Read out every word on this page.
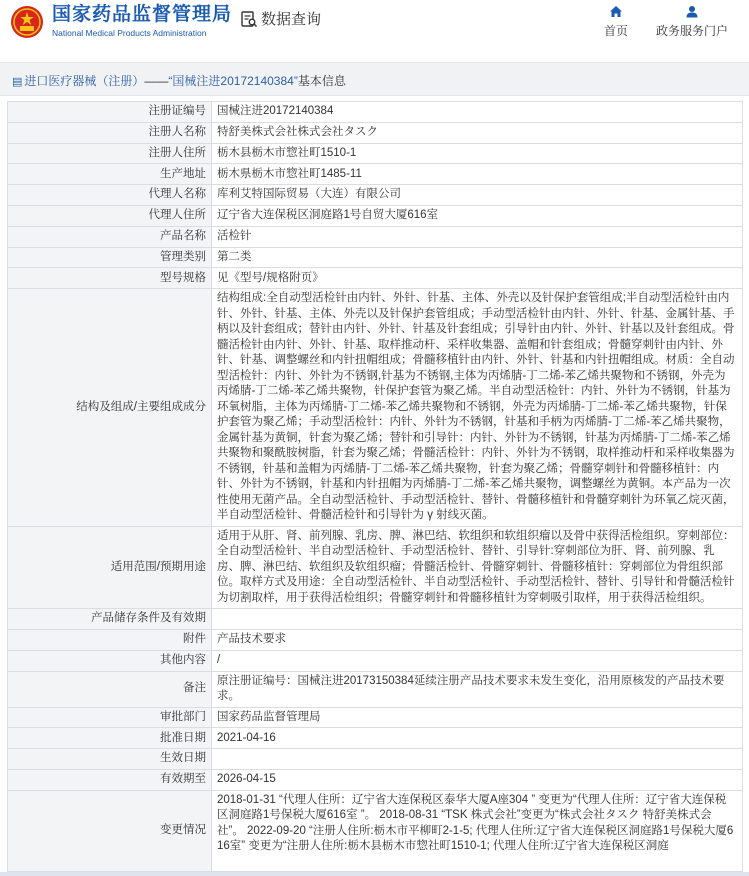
国家药品监督管理局
National Medical Products Administration
数据查询
首页	政务服务门户
▤ 进口医疗器械（注册）——“国械注进20172140384”基本信息
注册证编号	国械注进20172140384
注册人名称	特舒美株式会社株式会社タスク
注册人住所	栃木县栃木市惣社町1510-1
生产地址	栃木県栃木市惣社町1485-11
代理人名称	库利艾特国际贸易（大连）有限公司
代理人住所	辽宁省大连保税区洞庭路1号自贸大厦616室
产品名称	活检针
管理类别	第二类
型号规格	见《型号/规格附页》
结构及组成/主要组成成分	结构组成:全自动型活检针由内针、外针、针基、主体、外壳以及针保护套管组成;半自动型活检针由内针、外针、针基、主体、外壳以及针保护套管组成；手动型活检针由内针、外针、针基、金属针基、手柄以及针套组成；替针由内针、外针、针基及针套组成；引导针由内针、外针、针基以及针套组成。骨髓活检针由内针、外针、针基、取样推动杆、采样收集器、盖帽和针套组成；骨髓穿刺针由内针、外针、针基、调整螺丝和内针扭帽组成；骨髓移植针由内针、外针、针基和内针扭帽组成。材质：全自动型活检针：内针、外针为不锈钢,针基为不锈钢,主体为丙烯腈-丁二烯-苯乙烯共聚物和不锈钢，外壳为丙烯腈-丁二烯-苯乙烯共聚物，针保护套管为聚乙烯。半自动型活检针：内针、外针为不锈钢，针基为环氧树脂，主体为丙烯腈-丁二烯-苯乙烯共聚物和不锈钢，外壳为丙烯腈-丁二烯-苯乙烯共聚物，针保护套管为聚乙烯；手动型活检针：内针、外针为不锈钢，针基和手柄为丙烯腈-丁二烯-苯乙烯共聚物，金属针基为黄铜，针套为聚乙烯；替针和引导针：内针、外针为不锈钢，针基为丙烯腈-丁二烯-苯乙烯共聚物和聚酰胺树脂，针套为聚乙烯；骨髓活检针：内针、外针为不锈钢，取样推动杆和采样收集器为不锈钢，针基和盖帽为丙烯腈-丁二烯-苯乙烯共聚物，针套为聚乙烯；骨髓穿刺针和骨髓移植针：内针、外针为不锈钢，针基和内针扭帽为丙烯腈-丁二烯-苯乙烯共聚物，调整螺丝为黄铜。本产品为一次性使用无菌产品。全自动型活检针、手动型活检针、替针、骨髓移植针和骨髓穿刺针为环氧乙烷灭菌，半自动型活检针、骨髓活检针和引导针为 γ 射线灭菌。
适用范围/预期用途	适用于从肝、肾、前列腺、乳房、脾、淋巴结、软组织和软组织瘤以及骨中获得活检组织。穿刺部位：全自动型活检针、半自动型活检针、手动型活检针、替针、引导针:穿刺部位为肝、肾、前列腺、乳房、脾、淋巴结、软组织及软组织瘤；骨髓活检针、骨髓穿刺针、骨髓移植针：穿刺部位为骨组织部位。取样方式及用途：全自动型活检针、半自动型活检针、手动型活检针、替针、引导针和骨髓活检针为切割取样，用于获得活检组织；骨髓穿刺针和骨髓移植针为穿刺吸引取样，用于获得活检组织。
产品储存条件及有效期	
附件	产品技术要求
其他内容	/
备注	原注册证编号：国械注进20173150384延续注册产品技术要求未发生变化，沿用原核发的产品技术要求。
审批部门	国家药品监督管理局
批准日期	2021-04-16
生效日期	
有效期至	2026-04-15
变更情况	2018-01-31 “代理人住所：辽宁省大连保税区泰华大厦A座304 ” 变更为“代理人住所：辽宁省大连保税区洞庭路1号保税大厦616室 ”。 2018-08-31 “TSK 株式会社”变更为“株式会社タスク 特舒美株式会社”。 2022-09-20 “注册人住所:栃木市平柳町2-1-5; 代理人住所:辽宁省大连保税区洞庭路1号保税大厦616室” 变更为“注册人住所:栃木县栃木市惣社町1510-1; 代理人住所:辽宁省大连保税区洞庭
